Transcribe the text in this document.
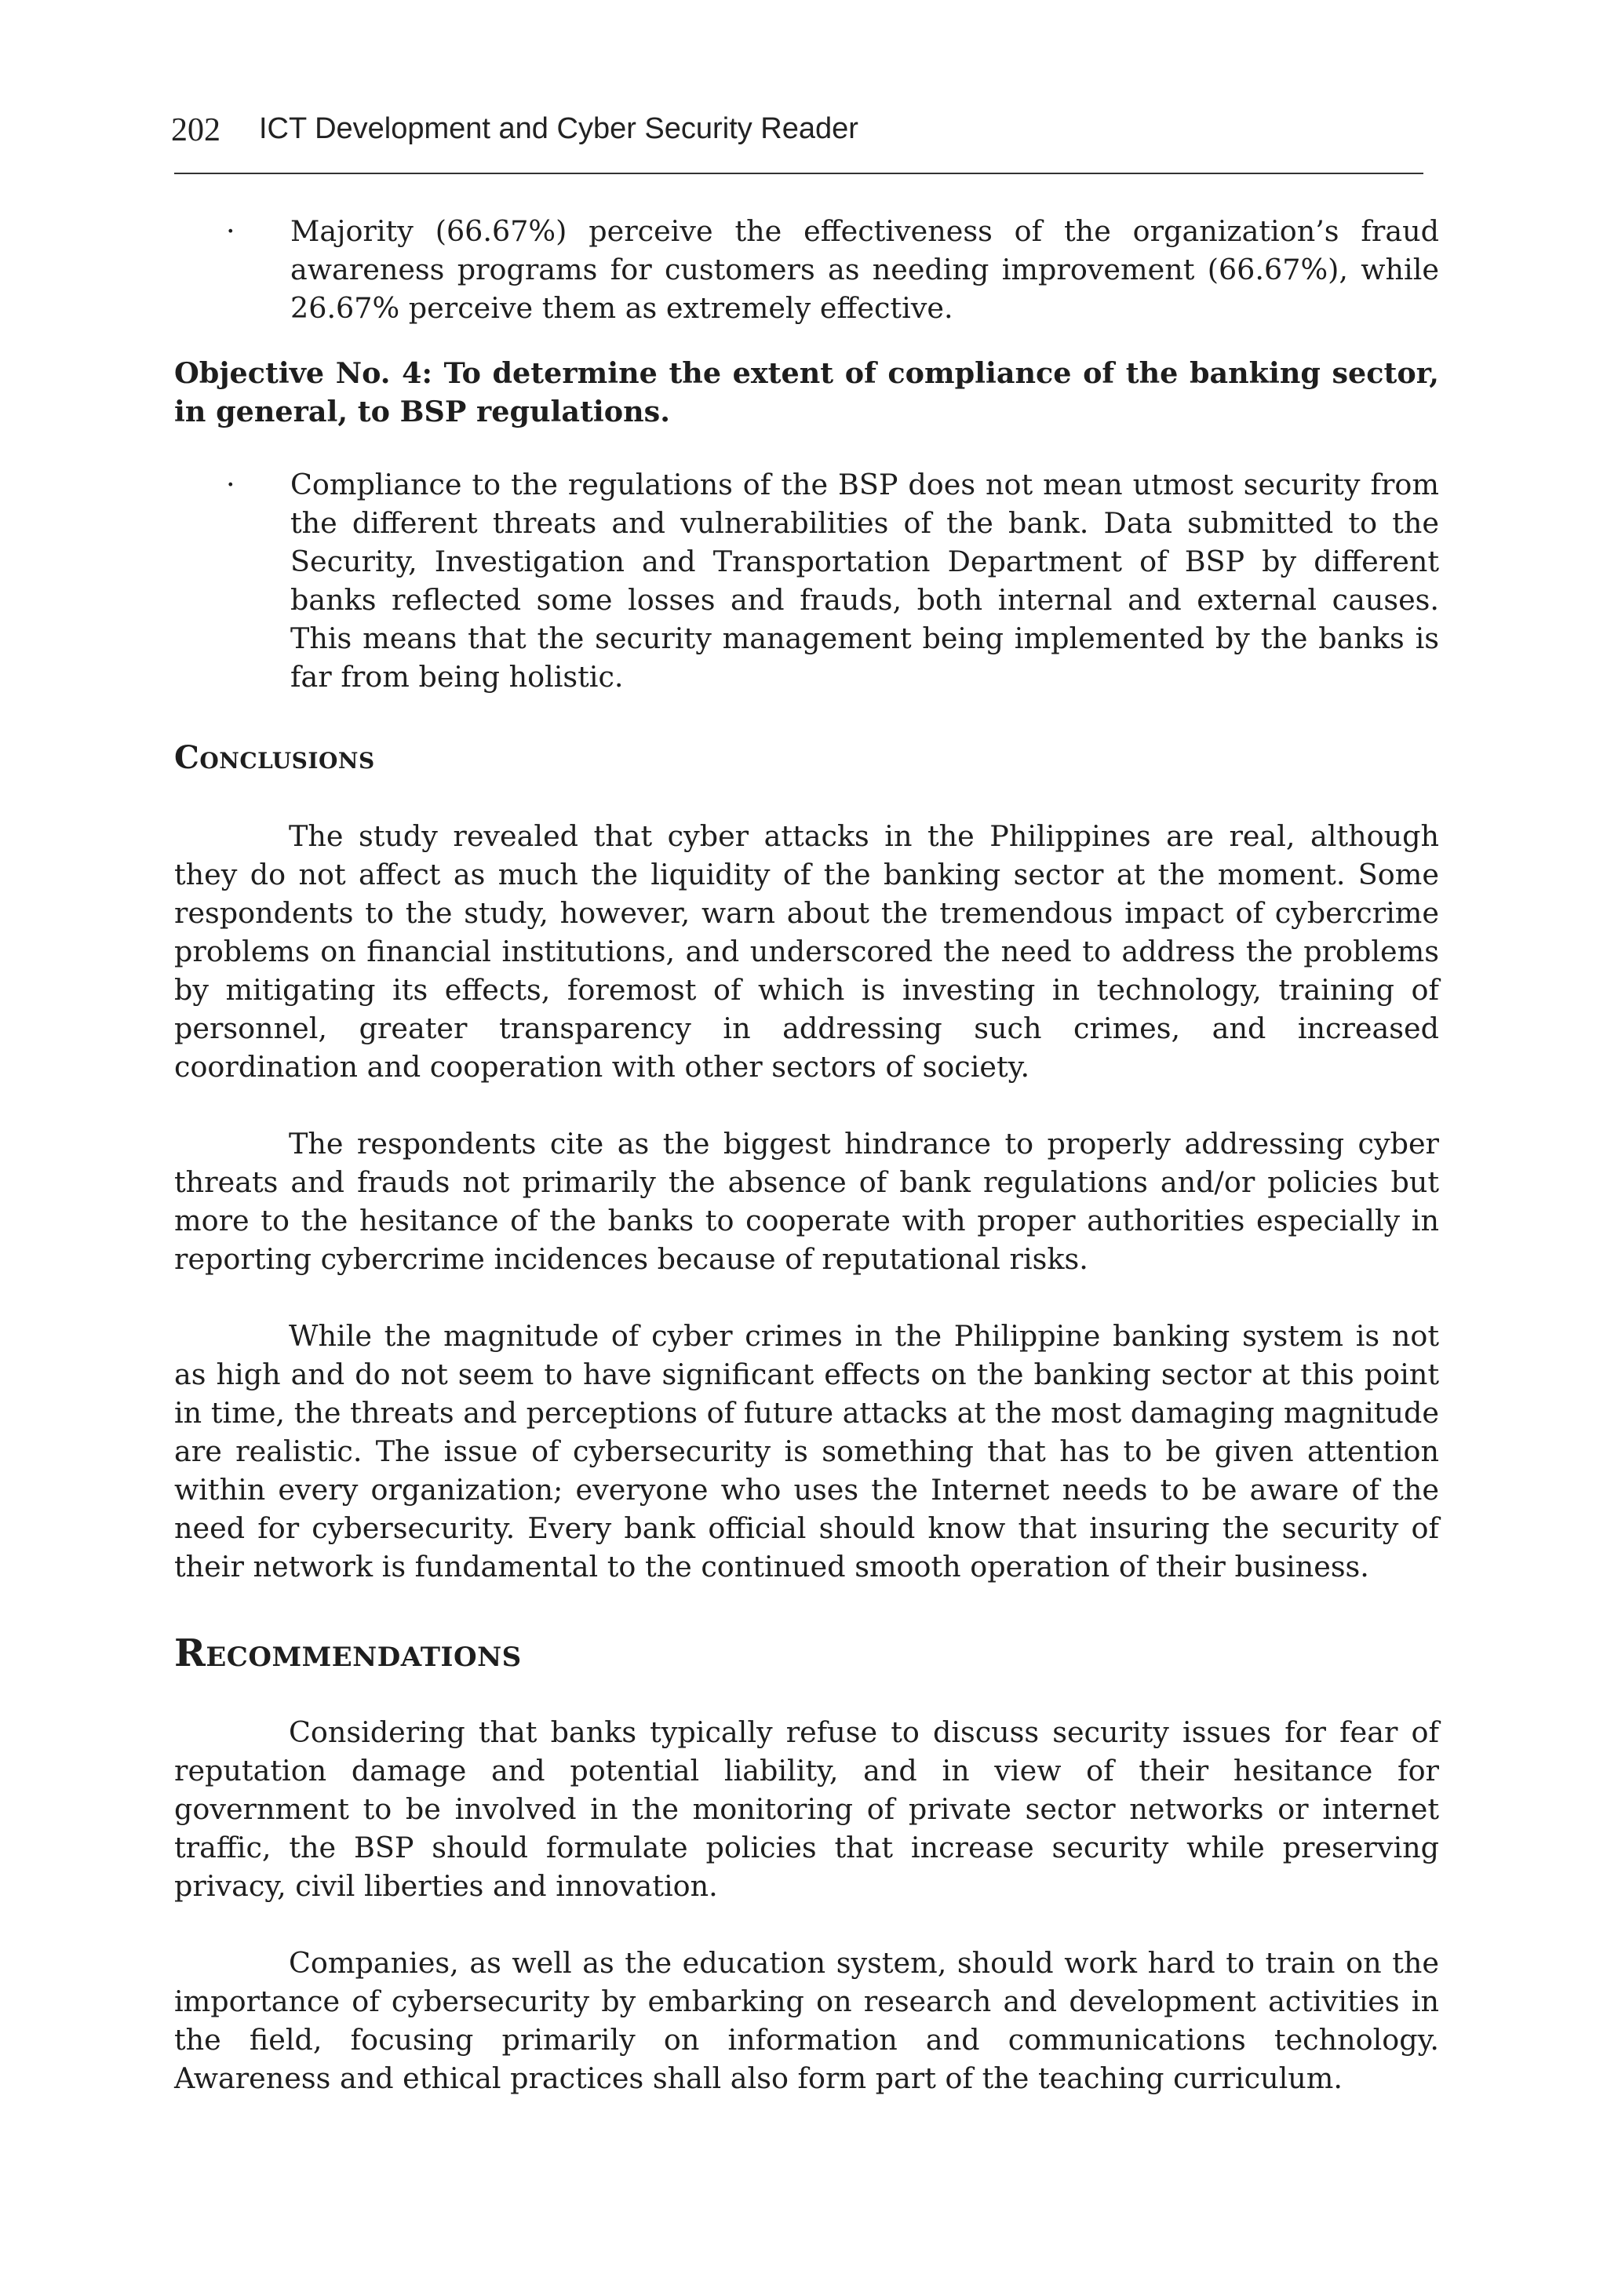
202 ICT Development and Cyber Security Reader
· Majority (66.67%) perceive the effectiveness of the organization’s fraud awareness programs for customers as needing improvement (66.67%), while 26.67% perceive them as extremely effective.

Objective No. 4: To determine the extent of compliance of the banking sector, in general, to BSP regulations.

· Compliance to the regulations of the BSP does not mean utmost security from the different threats and vulnerabilities of the bank. Data submitted to the Security, Investigation and Transportation Department of BSP by different banks reflected some losses and frauds, both internal and external causes. This means that the security management being implemented by the banks is far from being holistic.
Conclusions

The study revealed that cyber attacks in the Philippines are real, although they do not affect as much the liquidity of the banking sector at the moment. Some respondents to the study, however, warn about the tremendous impact of cybercrime problems on financial institutions, and underscored the need to address the problems by mitigating its effects, foremost of which is investing in technology, training of personnel, greater transparency in addressing such crimes, and increased coordination and cooperation with other sectors of society.

The respondents cite as the biggest hindrance to properly addressing cyber threats and frauds not primarily the absence of bank regulations and/or policies but more to the hesitance of the banks to cooperate with proper authorities especially in reporting cybercrime incidences because of reputational risks.

While the magnitude of cyber crimes in the Philippine banking system is not as high and do not seem to have significant effects on the banking sector at this point in time, the threats and perceptions of future attacks at the most damaging magnitude are realistic. The issue of cybersecurity is something that has to be given attention within every organization; everyone who uses the Internet needs to be aware of the need for cybersecurity. Every bank official should know that insuring the security of their network is fundamental to the continued smooth operation of their business.

Recommendations

Considering that banks typically refuse to discuss security issues for fear of reputation damage and potential liability, and in view of their hesitance for government to be involved in the monitoring of private sector networks or internet traffic, the BSP should formulate policies that increase security while preserving privacy, civil liberties and innovation.

Companies, as well as the education system, should work hard to train on the importance of cybersecurity by embarking on research and development activities in the field, focusing primarily on information and communications technology. Awareness and ethical practices shall also form part of the teaching curriculum.
